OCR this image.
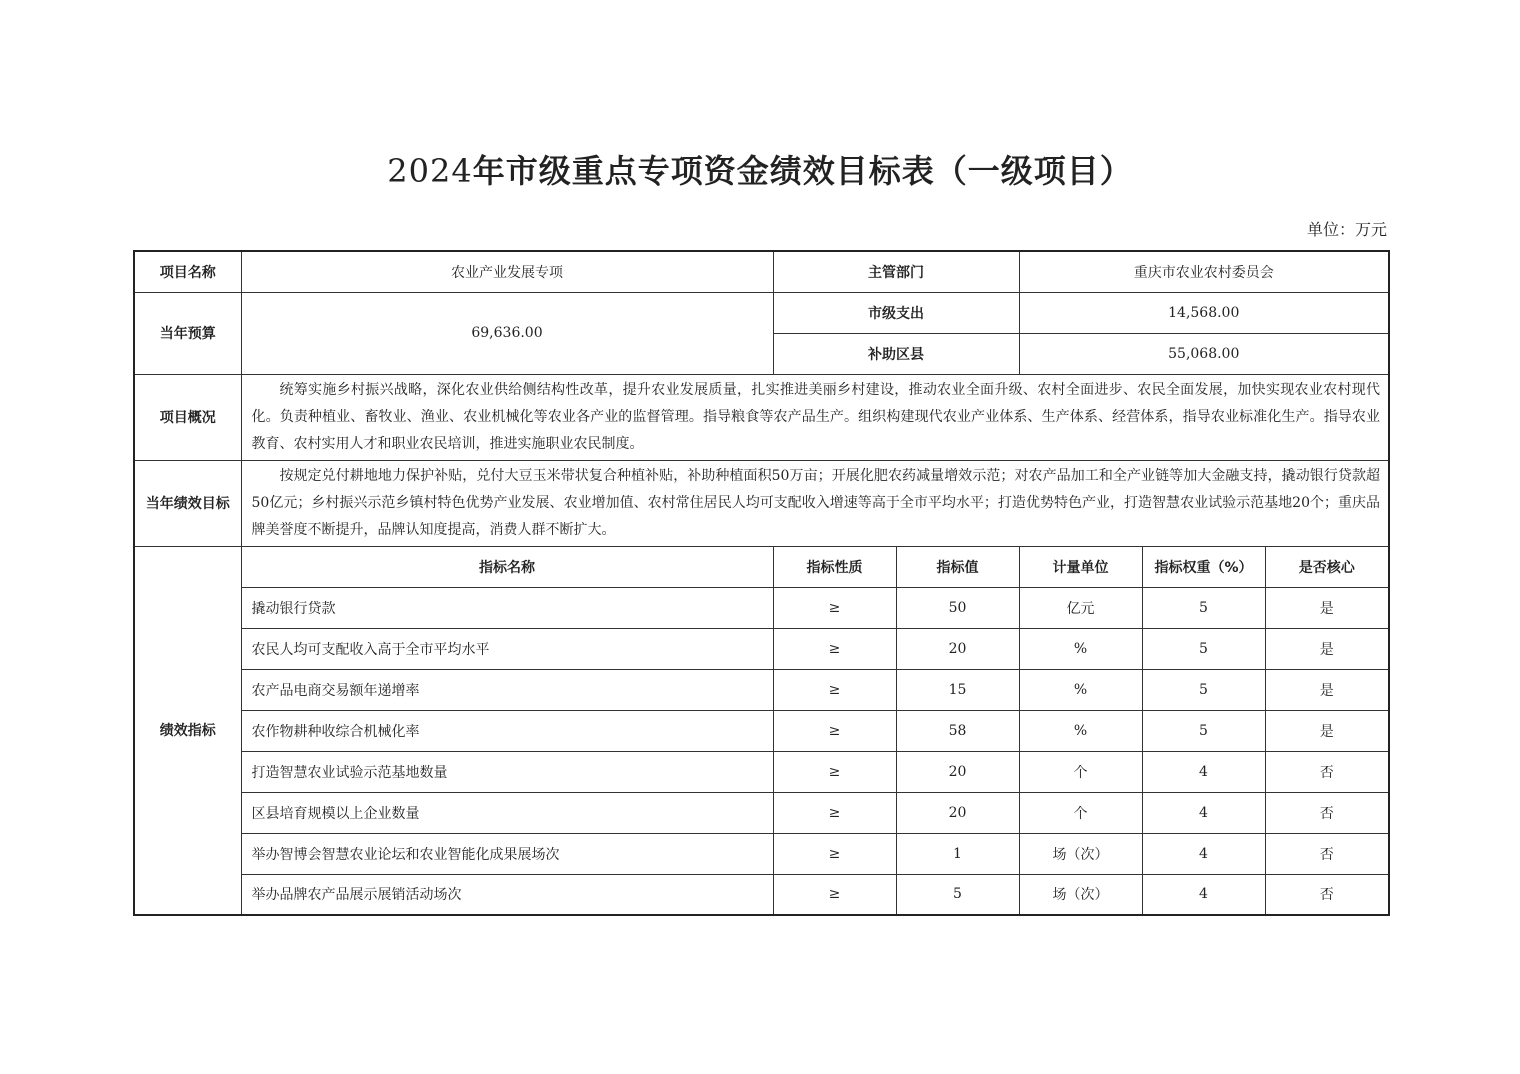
2024年市级重点专项资金绩效目标表（一级项目）
单位：万元
项目名称	农业产业发展专项	主管部门		重庆市农业农村委员会		
当年预算	69,636.00	市级支出		14,568.00		
		补助区县		55,068.00		
项目概况	统筹实施乡村振兴战略，深化农业供给侧结构性改革，提升农业发展质量，扎实推进美丽乡村建设，推动农业全面升级、农村全面进步、农民全面发展，加快实现农业农村现代化。负责种植业、畜牧业、渔业、农业机械化等农业各产业的监督管理。指导粮食等农产品生产。组织构建现代农业产业体系、生产体系、经营体系，指导农业标准化生产。指导农业教育、农村实用人才和职业农民培训，推进实施职业农民制度。					
当年绩效目标	按规定兑付耕地地力保护补贴，兑付大豆玉米带状复合种植补贴，补助种植面积50万亩；开展化肥农药减量增效示范；对农产品加工和全产业链等加大金融支持，撬动银行贷款超50亿元；乡村振兴示范乡镇村特色优势产业发展、农业增加值、农村常住居民人均可支配收入增速等高于全市平均水平；打造优势特色产业，打造智慧农业试验示范基地20个；重庆品牌美誉度不断提升，品牌认知度提高，消费人群不断扩大。					
绩效指标	指标名称	指标性质	指标值	计量单位	指标权重（%）	是否核心
	撬动银行贷款	≥	50	亿元	5	是
	农民人均可支配收入高于全市平均水平	≥	20	%	5	是
	农产品电商交易额年递增率	≥	15	%	5	是
	农作物耕种收综合机械化率	≥	58	%	5	是
	打造智慧农业试验示范基地数量	≥	20	个	4	否
	区县培育规模以上企业数量	≥	20	个	4	否
	举办智博会智慧农业论坛和农业智能化成果展场次	≥	1	场（次）	4	否
	举办品牌农产品展示展销活动场次	≥	5	场（次）	4	否
